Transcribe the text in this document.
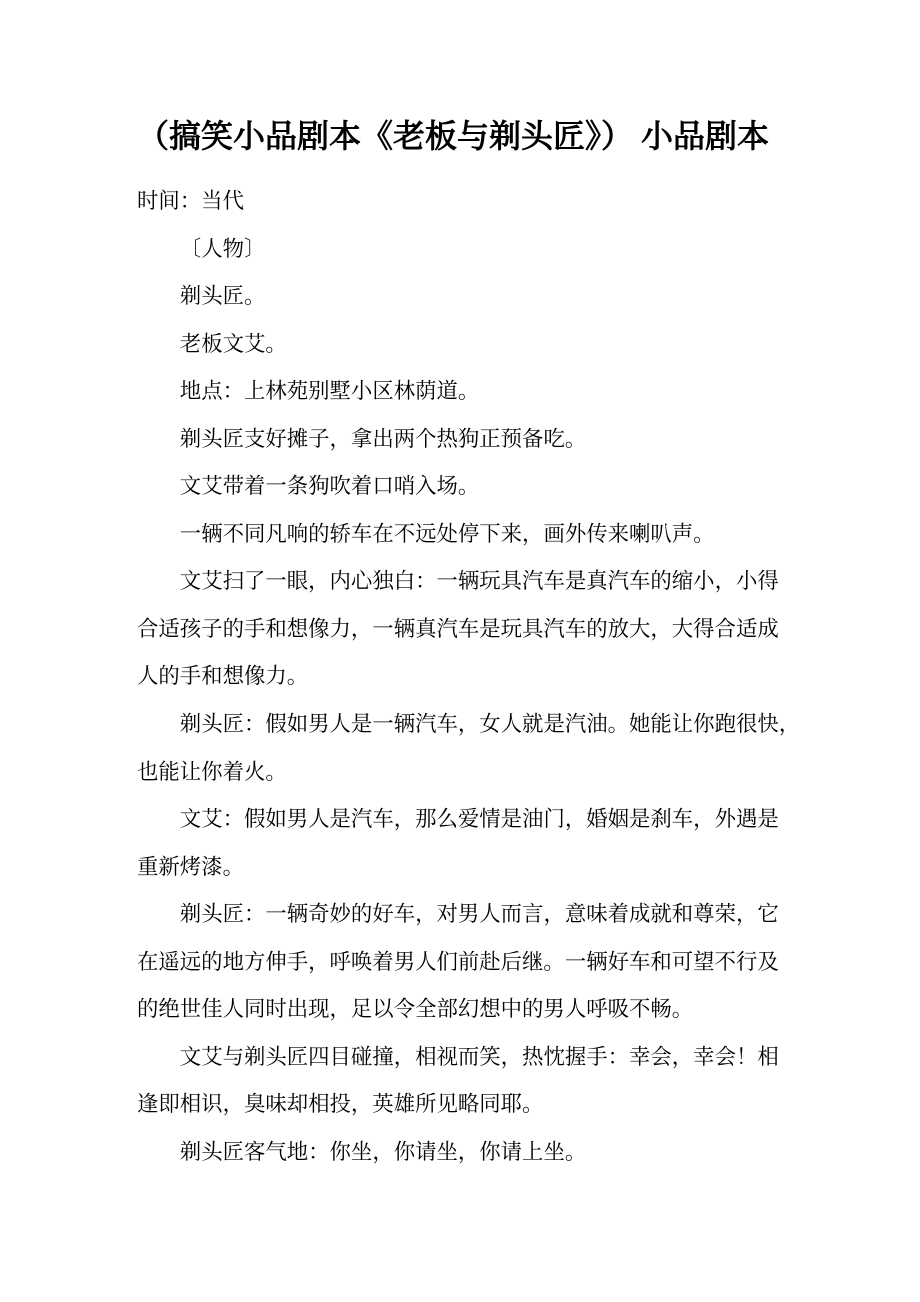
（搞笑小品剧本《老板与剃头匠》） 小品剧本
时间：当代
〔人物〕
剃头匠。
老板文艾。
地点：上林苑别墅小区林荫道。
剃头匠支好摊子，拿出两个热狗正预备吃。
文艾带着一条狗吹着口哨入场。
一辆不同凡响的轿车在不远处停下来，画外传来喇叭声。
文艾扫了一眼，内心独白：一辆玩具汽车是真汽车的缩小，小得
合适孩子的手和想像力，一辆真汽车是玩具汽车的放大，大得合适成
人的手和想像力。
剃头匠：假如男人是一辆汽车，女人就是汽油。她能让你跑很快，
也能让你着火。
文艾：假如男人是汽车，那么爱情是油门，婚姻是刹车，外遇是
重新烤漆。
剃头匠：一辆奇妙的好车，对男人而言，意味着成就和尊荣，它
在遥远的地方伸手，呼唤着男人们前赴后继。一辆好车和可望不行及
的绝世佳人同时出现，足以令全部幻想中的男人呼吸不畅。
文艾与剃头匠四目碰撞，相视而笑，热忱握手：幸会，幸会！相
逢即相识，臭味却相投，英雄所见略同耶。
剃头匠客气地：你坐，你请坐，你请上坐。
